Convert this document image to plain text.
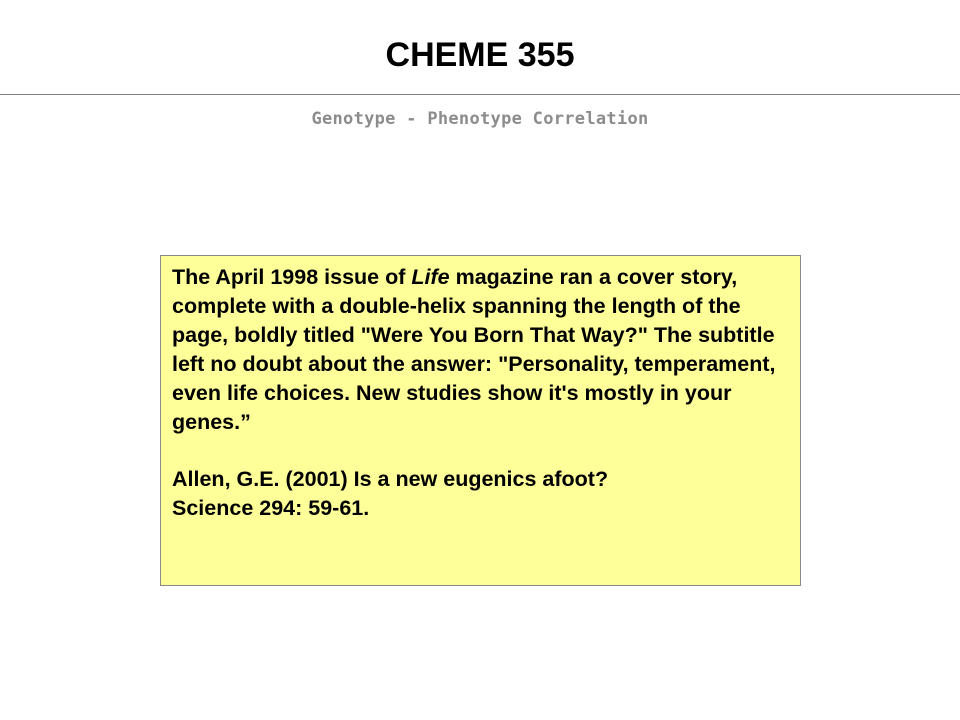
CHEME 355
Genotype - Phenotype Correlation

The April 1998 issue of Life magazine ran a cover story, complete with a double-helix spanning the length of the page, boldly titled "Were You Born That Way?" The subtitle left no doubt about the answer: "Personality, temperament, even life choices. New studies show it's mostly in your genes.”

Allen, G.E. (2001) Is a new eugenics afoot?
Science 294: 59-61.
